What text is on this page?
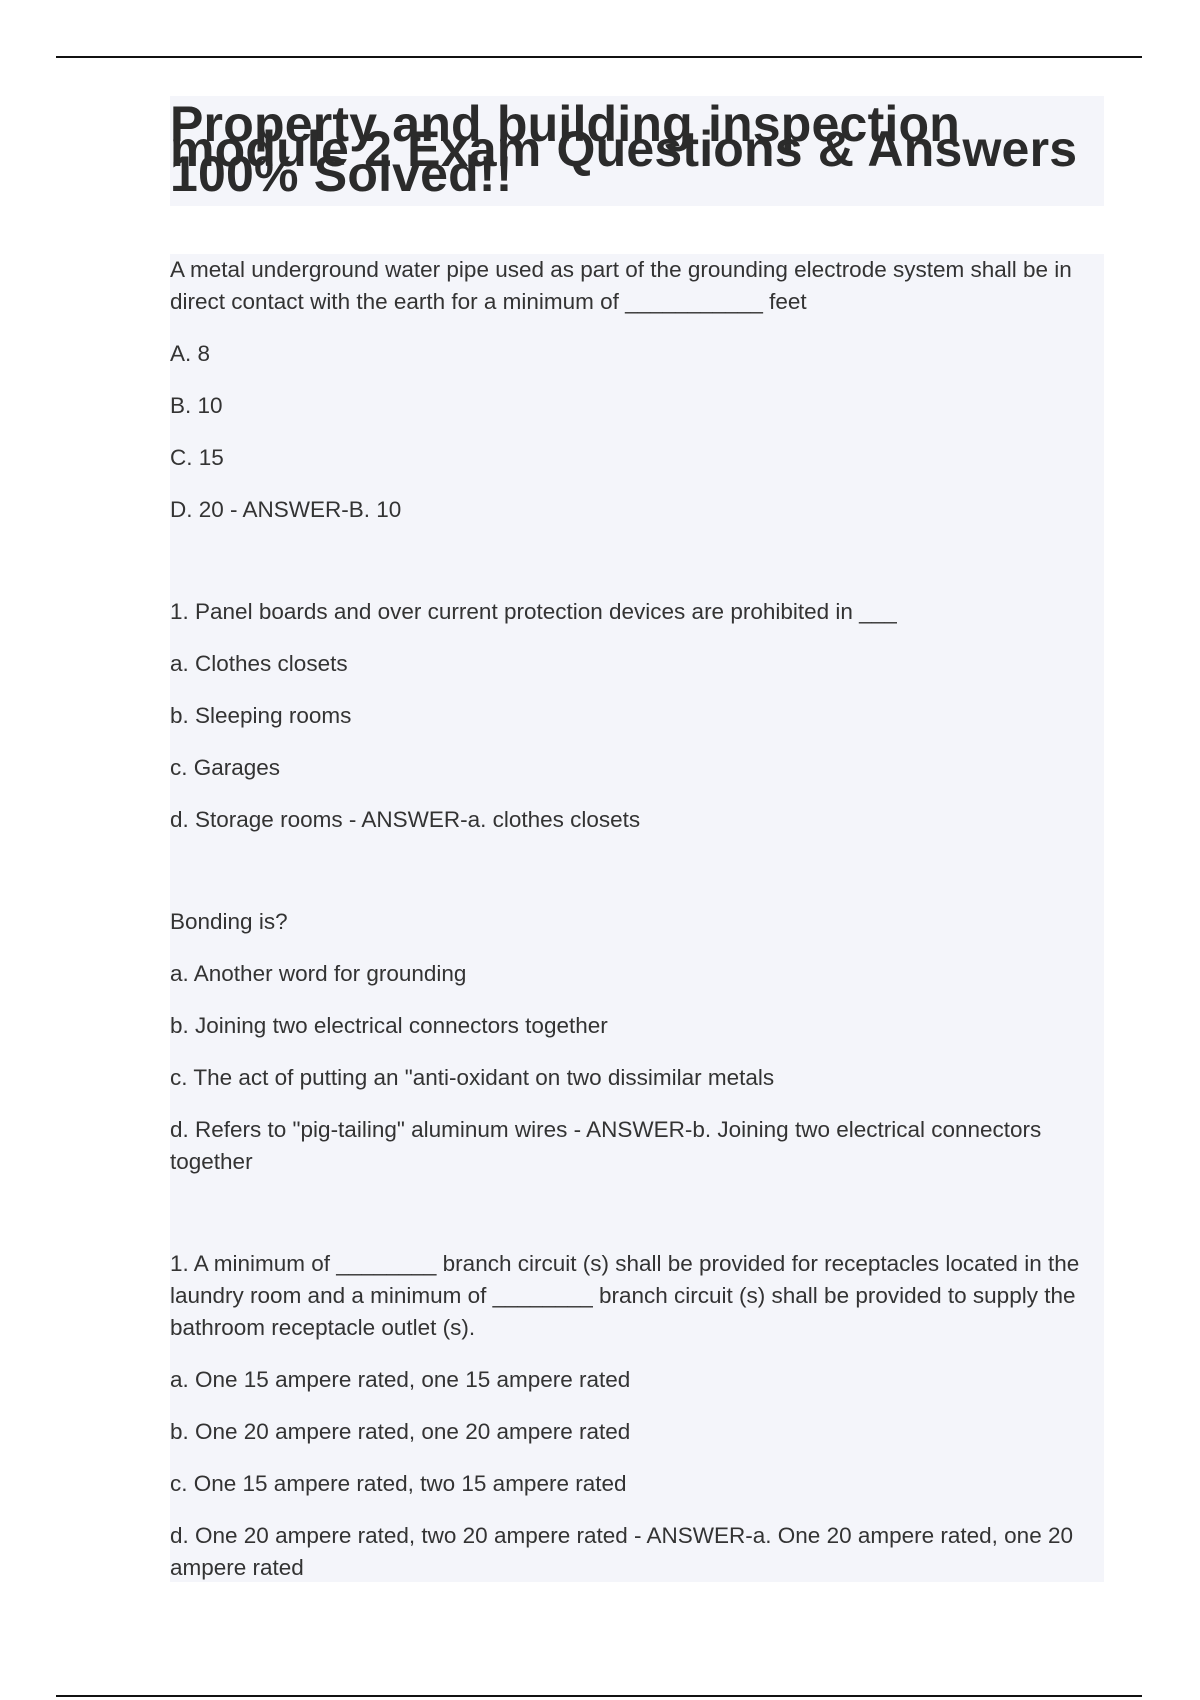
Property and building inspection module 2 Exam Questions & Answers 100% Solved!!

A metal underground water pipe used as part of the grounding electrode system shall be in direct contact with the earth for a minimum of ___________ feet

A. 8

B. 10

C. 15

D. 20 - ANSWER-B. 10

1. Panel boards and over current protection devices are prohibited in ___

a. Clothes closets

b. Sleeping rooms

c. Garages

d. Storage rooms - ANSWER-a. clothes closets

Bonding is?

a. Another word for grounding

b. Joining two electrical connectors together

c. The act of putting an "anti-oxidant on two dissimilar metals

d. Refers to "pig-tailing" aluminum wires - ANSWER-b. Joining two electrical connectors together

1. A minimum of ________ branch circuit (s) shall be provided for receptacles located in the laundry room and a minimum of ________ branch circuit (s) shall be provided to supply the bathroom receptacle outlet (s).

a. One 15 ampere rated, one 15 ampere rated

b. One 20 ampere rated, one 20 ampere rated

c. One 15 ampere rated, two 15 ampere rated

d. One 20 ampere rated, two 20 ampere rated - ANSWER-a. One 20 ampere rated, one 20 ampere rated
